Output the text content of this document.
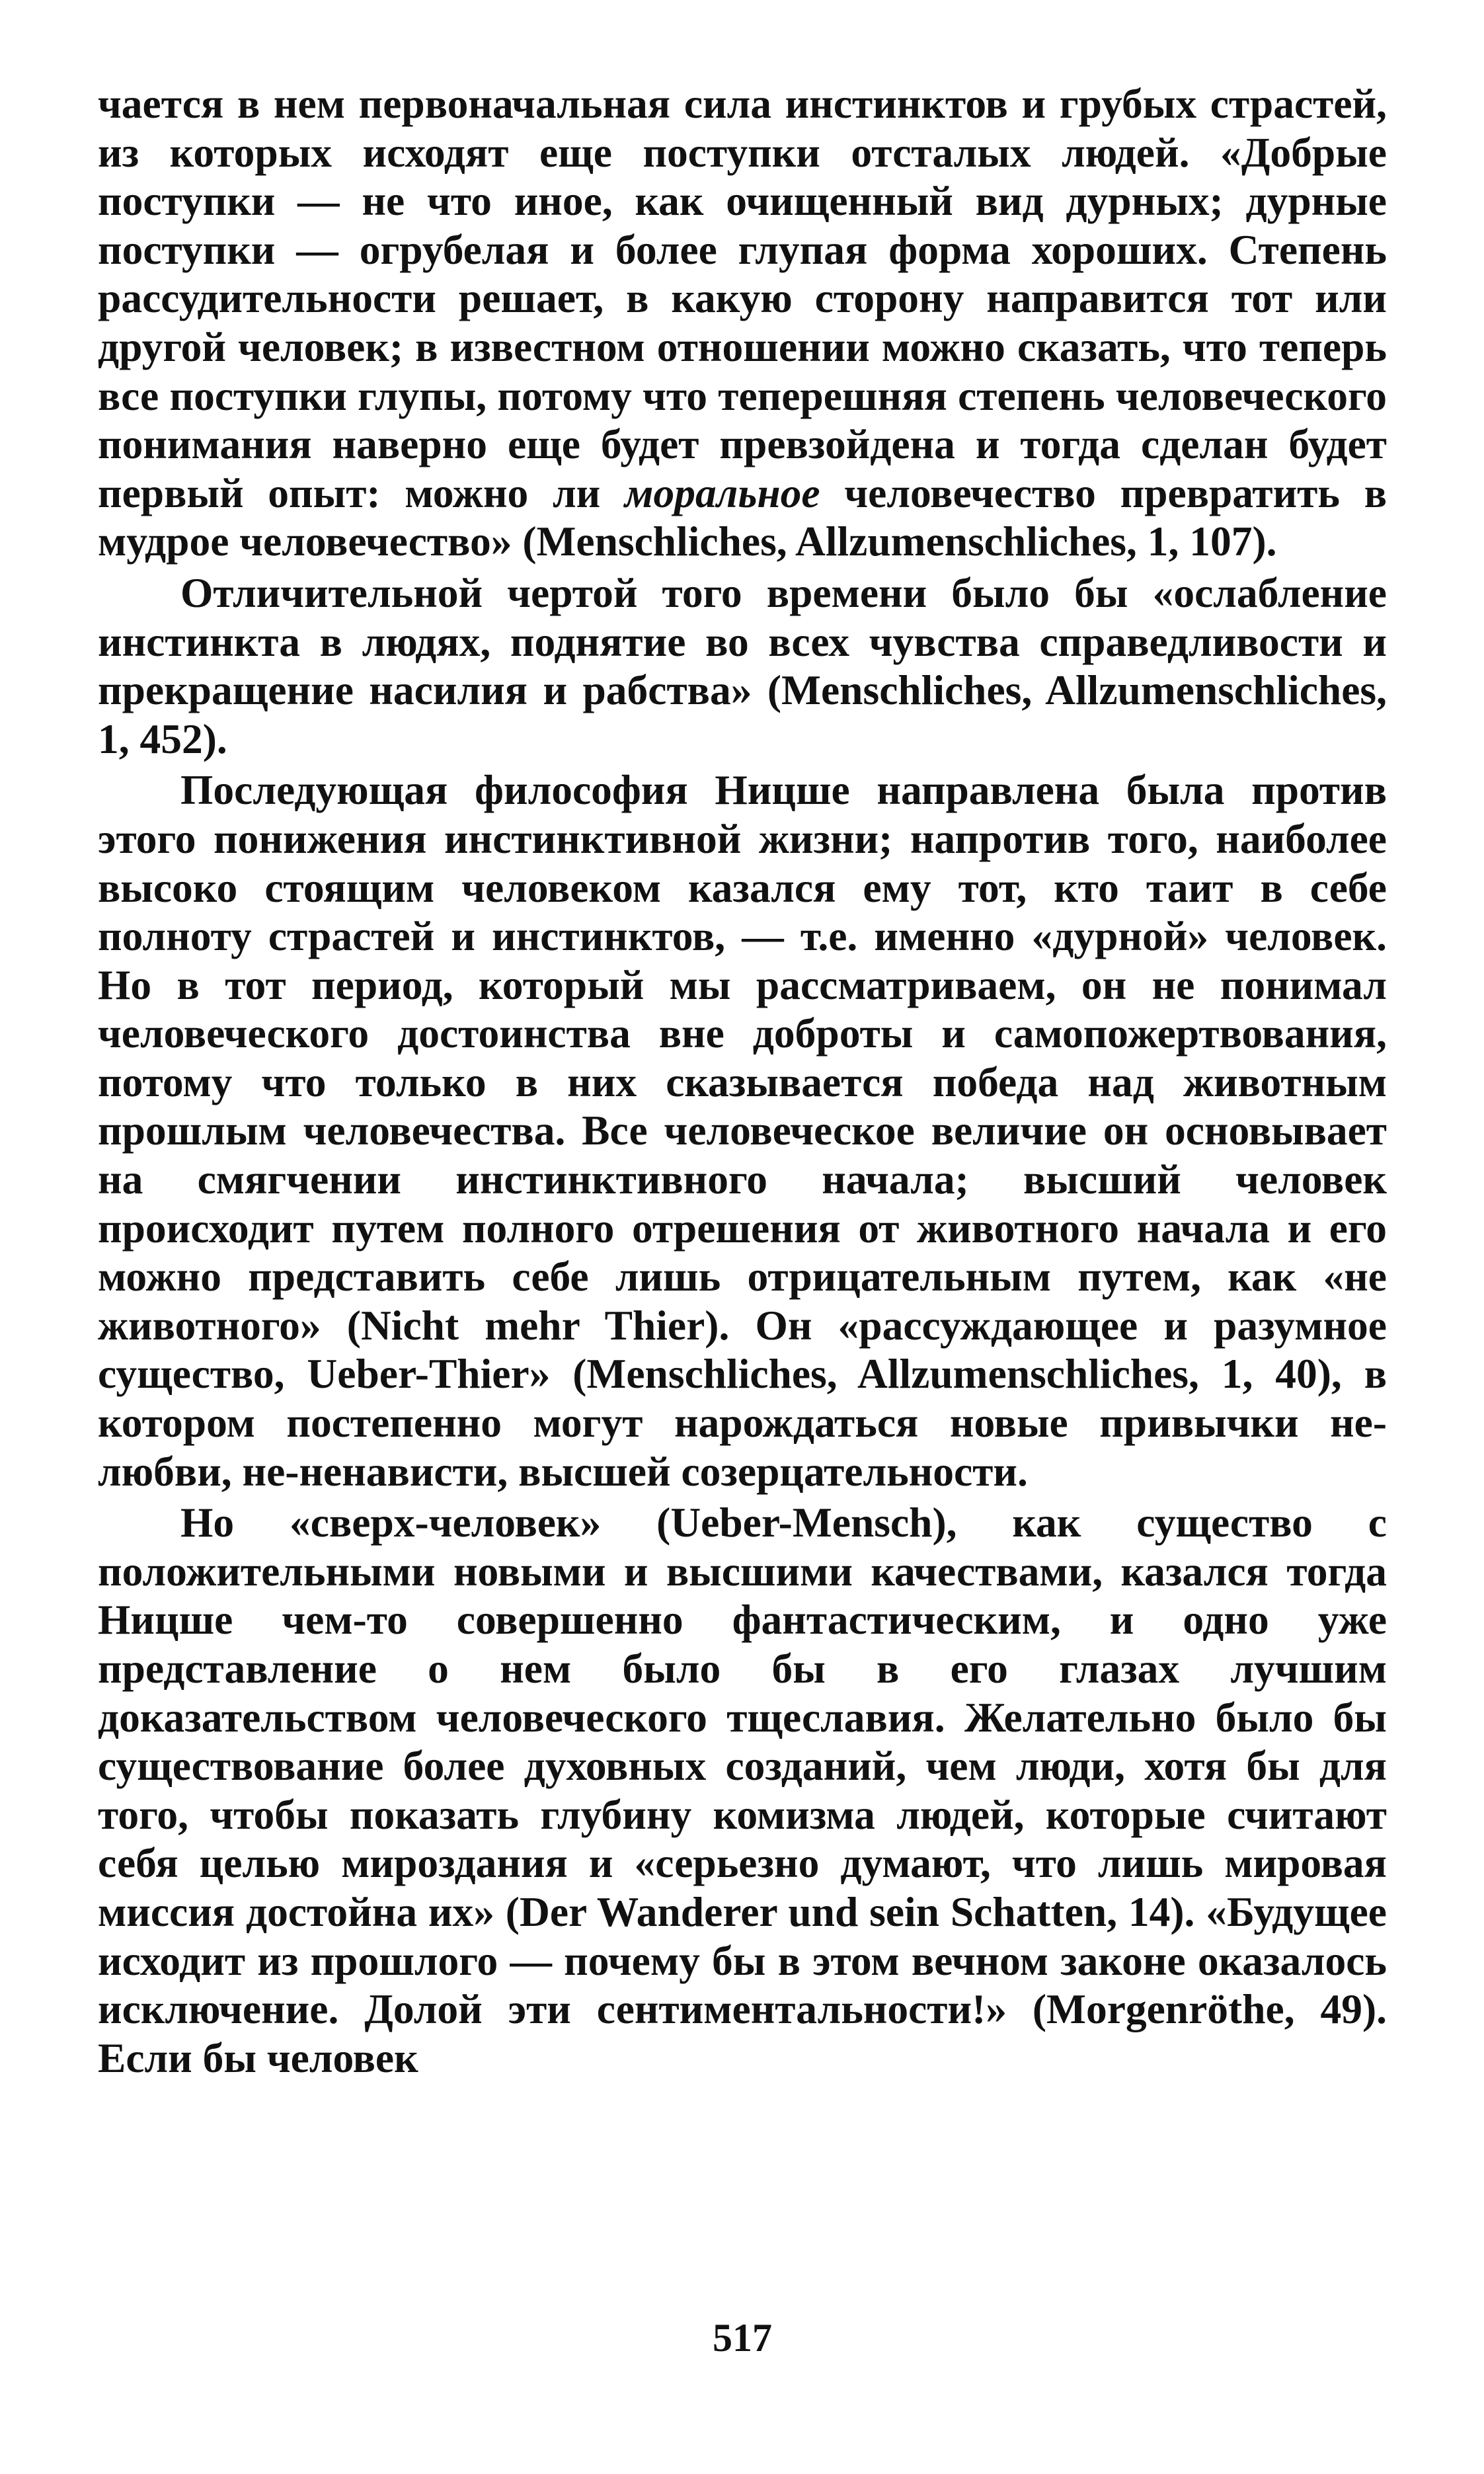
чается в нем первоначальная сила инстинктов и грубых страстей, из которых исходят еще поступки отсталых людей. «Добрые поступки — не что иное, как очищенный вид дурных; дурные поступки — огрубелая и более глупая форма хороших. Степень рассудительности решает, в какую сторону направится тот или другой человек; в известном отношении можно сказать, что теперь все поступки глупы, потому что теперешняя степень человеческого понимания наверно еще будет превзойдена и тогда сделан будет первый опыт: можно ли моральное человечество превратить в мудрое человечество» (Menschliches, Allzumenschliches, 1, 107).

Отличительной чертой того времени было бы «ослабление инстинкта в людях, поднятие во всех чувства справедливости и прекращение насилия и рабства» (Menschliches, Allzumenschliches, 1, 452).

Последующая философия Ницше направлена была против этого понижения инстинктивной жизни; напротив того, наиболее высоко стоящим человеком казался ему тот, кто таит в себе полноту страстей и инстинктов, — т.е. именно «дурной» человек. Но в тот период, который мы рассматриваем, он не понимал человеческого достоинства вне доброты и самопожертвования, потому что только в них сказывается победа над животным прошлым человечества. Все человеческое величие он основывает на смягчении инстинктивного начала; высший человек происходит путем полного отрешения от животного начала и его можно представить себе лишь отрицательным путем, как «не животного» (Nicht mehr Thier). Он «рассуждающее и разумное существо, Ueber-Thier» (Menschliches, Allzumenschliches, 1, 40), в котором постепенно могут нарождаться новые привычки не-любви, не-ненависти, высшей созерцательности.

Но «сверх-человек» (Ueber-Mensch), как существо с положительными новыми и высшими качествами, казался тогда Ницше чем-то совершенно фантастическим, и одно уже представление о нем было бы в его глазах лучшим доказательством человеческого тщеславия. Желательно было бы существование более духовных созданий, чем люди, хотя бы для того, чтобы показать глубину комизма людей, которые считают себя целью мироздания и «серьезно думают, что лишь мировая миссия достойна их» (Der Wanderer und sein Schatten, 14). «Будущее исходит из прошлого — почему бы в этом вечном законе оказалось исключение. Долой эти сентиментальности!» (Morgenröthe, 49). Если бы человек

517
